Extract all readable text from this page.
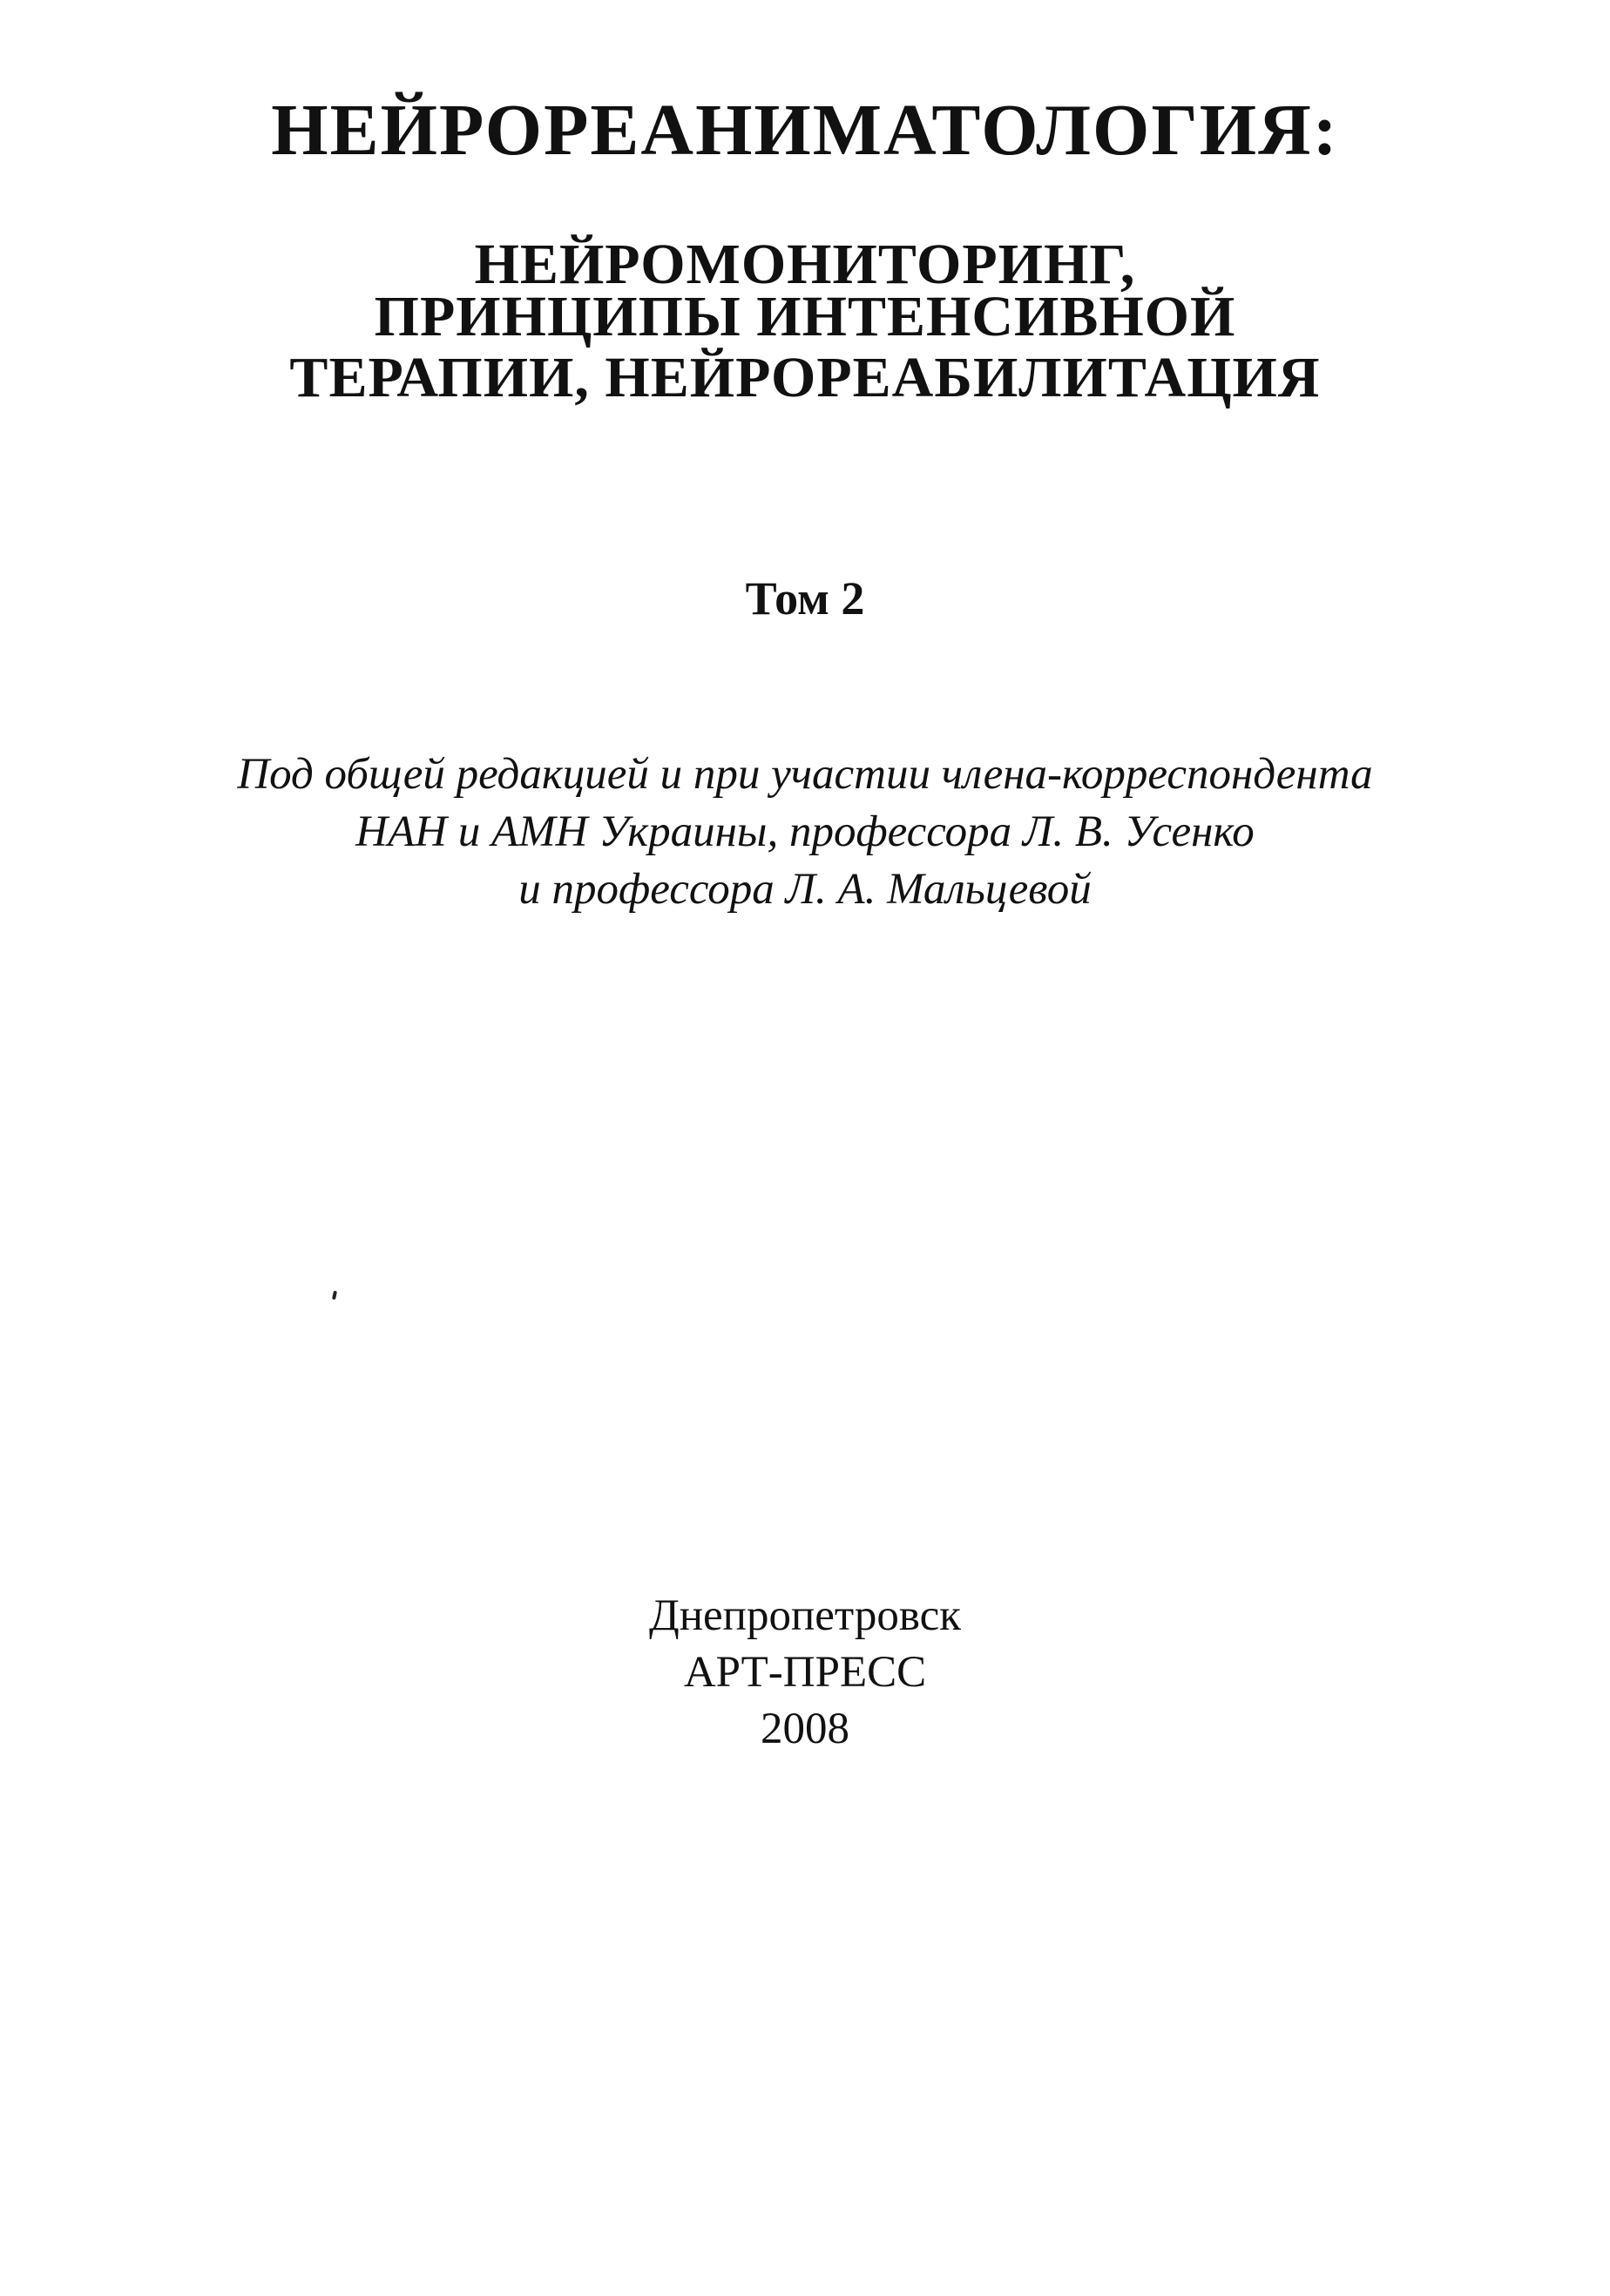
НЕЙРОРЕАНИМАТОЛОГИЯ:
НЕЙРОМОНИТОРИНГ,
ПРИНЦИПЫ ИНТЕНСИВНОЙ
ТЕРАПИИ, НЕЙРОРЕАБИЛИТАЦИЯ
Том 2
Под общей редакцией и при участии члена-корреспондента
НАН и АМН Украины, профессора Л. В. Усенко
и профессора Л. А. Мальцевой
Днепропетровск
АРТ-ПРЕСС
2008
